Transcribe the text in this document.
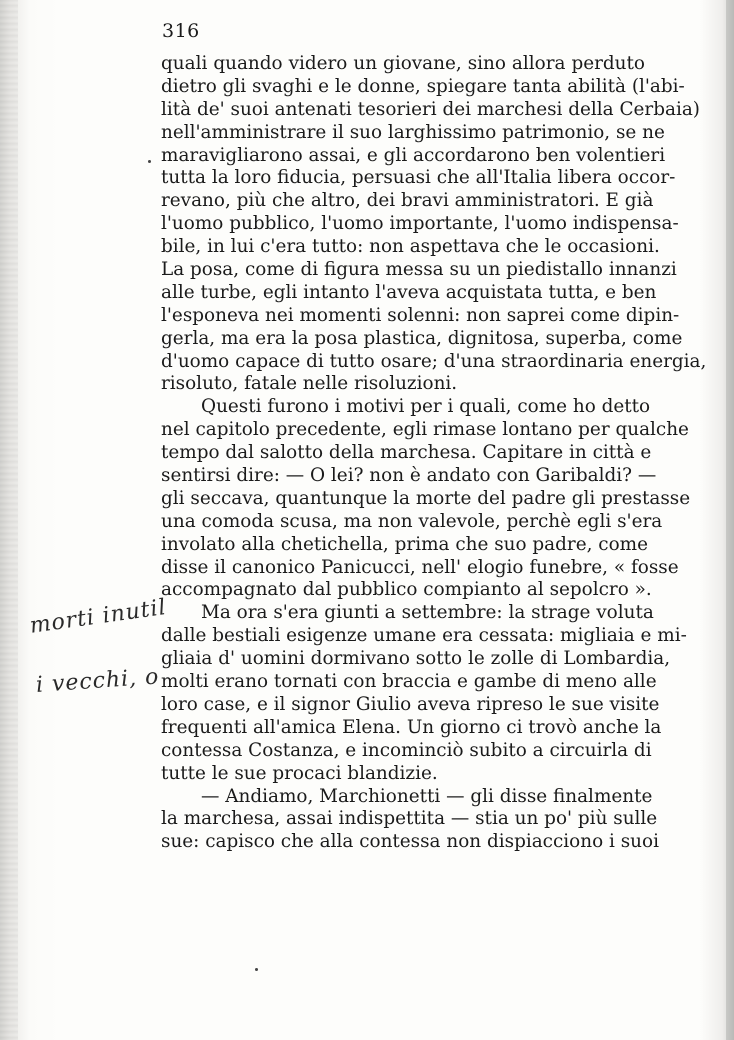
316
quali quando videro un giovane, sino allora perduto
dietro gli svaghi e le donne, spiegare tanta abilità (l'abi-
lità de' suoi antenati tesorieri dei marchesi della Cerbaia)
nell'amministrare il suo larghissimo patrimonio, se ne
maravigliarono assai, e gli accordarono ben volentieri
tutta la loro fiducia, persuasi che all'Italia libera occor-
revano, più che altro, dei bravi amministratori. E già
l'uomo pubblico, l'uomo importante, l'uomo indispensa-
bile, in lui c'era tutto: non aspettava che le occasioni.
La posa, come di figura messa su un piedistallo innanzi
alle turbe, egli intanto l'aveva acquistata tutta, e ben
l'esponeva nei momenti solenni: non saprei come dipin-
gerla, ma era la posa plastica, dignitosa, superba, come
d'uomo capace di tutto osare; d'una straordinaria energia,
risoluto, fatale nelle risoluzioni.
Questi furono i motivi per i quali, come ho detto
nel capitolo precedente, egli rimase lontano per qualche
tempo dal salotto della marchesa. Capitare in città e
sentirsi dire: — O lei? non è andato con Garibaldi? —
gli seccava, quantunque la morte del padre gli prestasse
una comoda scusa, ma non valevole, perchè egli s'era
involato alla chetichella, prima che suo padre, come
disse il canonico Panicucci, nell' elogio funebre, « fosse
accompagnato dal pubblico compianto al sepolcro ».
Ma ora s'era giunti a settembre: la strage voluta
dalle bestiali esigenze umane era cessata: migliaia e mi-
gliaia d' uomini dormivano sotto le zolle di Lombardia,
molti erano tornati con braccia e gambe di meno alle
loro case, e il signor Giulio aveva ripreso le sue visite
frequenti all'amica Elena. Un giorno ci trovò anche la
contessa Costanza, e incominciò subito a circuirla di
tutte le sue procaci blandizie.
— Andiamo, Marchionetti — gli disse finalmente
la marchesa, assai indispettita — stia un po' più sulle
sue: capisco che alla contessa non dispiacciono i suoi
morti inutil
i vecchi, o
